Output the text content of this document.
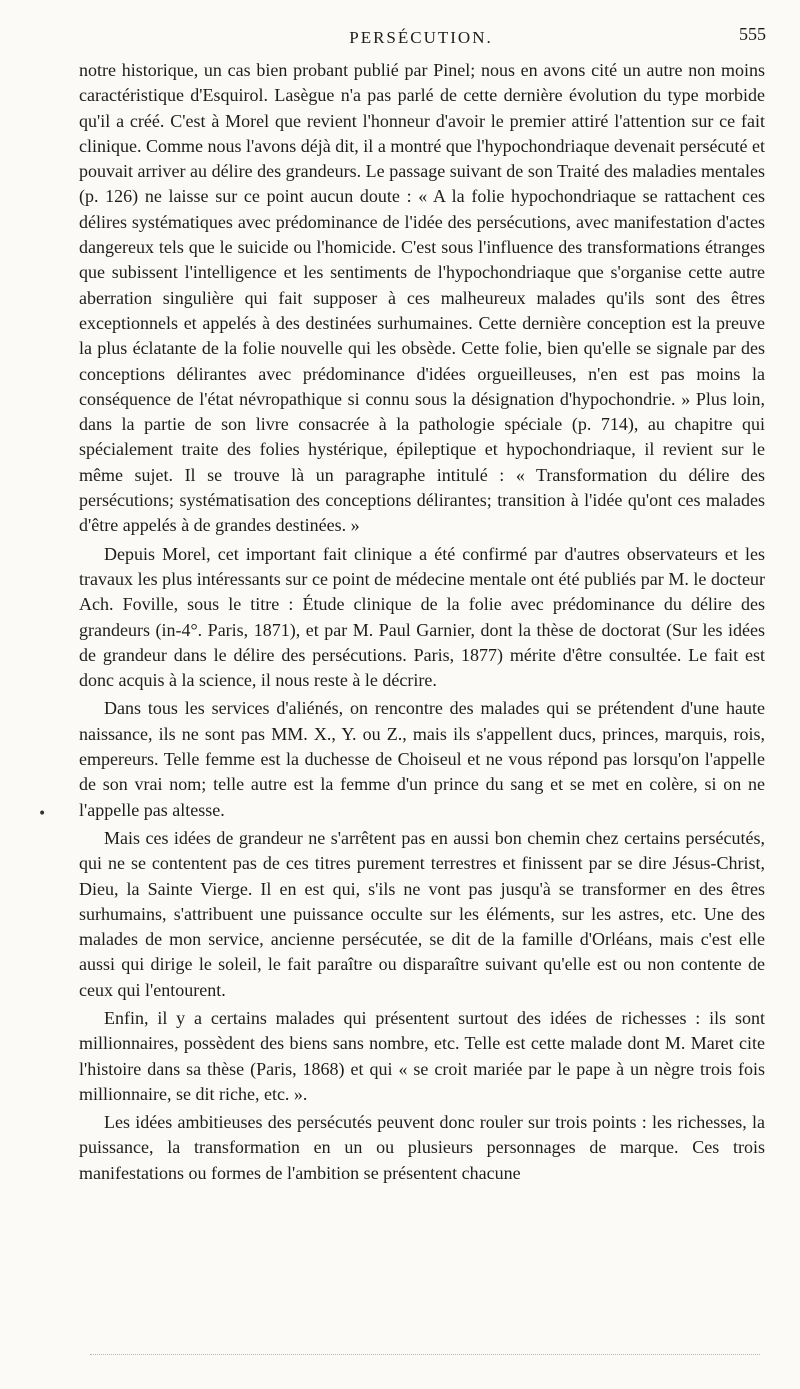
PERSÉCUTION.	555
•

notre historique, un cas bien probant publié par Pinel; nous en avons cité un autre non moins caractéristique d'Esquirol. Lasègue n'a pas parlé de cette dernière évolution du type morbide qu'il a créé. C'est à Morel que revient l'honneur d'avoir le premier attiré l'attention sur ce fait clinique. Comme nous l'avons déjà dit, il a montré que l'hypochondriaque devenait persécuté et pouvait arriver au délire des grandeurs. Le passage suivant de son Traité des maladies mentales (p. 126) ne laisse sur ce point aucun doute : « A la folie hypochondriaque se rattachent ces délires systématiques avec prédominance de l'idée des persécutions, avec manifestation d'actes dangereux tels que le suicide ou l'homicide. C'est sous l'influence des transformations étranges que subissent l'intelligence et les sentiments de l'hypochondriaque que s'organise cette autre aberration singulière qui fait supposer à ces malheureux malades qu'ils sont des êtres exceptionnels et appelés à des destinées surhumaines. Cette dernière conception est la preuve la plus éclatante de la folie nouvelle qui les obsède. Cette folie, bien qu'elle se signale par des conceptions délirantes avec prédominance d'idées orgueilleuses, n'en est pas moins la conséquence de l'état névropathique si connu sous la désignation d'hypochondrie. » Plus loin, dans la partie de son livre consacrée à la pathologie spéciale (p. 714), au chapitre qui spécialement traite des folies hystérique, épileptique et hypochondriaque, il revient sur le même sujet. Il se trouve là un paragraphe intitulé : « Transformation du délire des persécutions; systématisation des conceptions délirantes; transition à l'idée qu'ont ces malades d'être appelés à de grandes destinées. »

Depuis Morel, cet important fait clinique a été confirmé par d'autres observateurs et les travaux les plus intéressants sur ce point de médecine mentale ont été publiés par M. le docteur Ach. Foville, sous le titre : Étude clinique de la folie avec prédominance du délire des grandeurs (in-4°. Paris, 1871), et par M. Paul Garnier, dont la thèse de doctorat (Sur les idées de grandeur dans le délire des persécutions. Paris, 1877) mérite d'être consultée. Le fait est donc acquis à la science, il nous reste à le décrire.

Dans tous les services d'aliénés, on rencontre des malades qui se prétendent d'une haute naissance, ils ne sont pas MM. X., Y. ou Z., mais ils s'appellent ducs, princes, marquis, rois, empereurs. Telle femme est la duchesse de Choiseul et ne vous répond pas lorsqu'on l'appelle de son vrai nom; telle autre est la femme d'un prince du sang et se met en colère, si on ne l'appelle pas altesse.

Mais ces idées de grandeur ne s'arrêtent pas en aussi bon chemin chez certains persécutés, qui ne se contentent pas de ces titres purement terrestres et finissent par se dire Jésus-Christ, Dieu, la Sainte Vierge. Il en est qui, s'ils ne vont pas jusqu'à se transformer en des êtres surhumains, s'attribuent une puissance occulte sur les éléments, sur les astres, etc. Une des malades de mon service, ancienne persécutée, se dit de la famille d'Orléans, mais c'est elle aussi qui dirige le soleil, le fait paraître ou disparaître suivant qu'elle est ou non contente de ceux qui l'entourent.

Enfin, il y a certains malades qui présentent surtout des idées de richesses : ils sont millionnaires, possèdent des biens sans nombre, etc. Telle est cette malade dont M. Maret cite l'histoire dans sa thèse (Paris, 1868) et qui « se croit mariée par le pape à un nègre trois fois millionnaire, se dit riche, etc. ».

Les idées ambitieuses des persécutés peuvent donc rouler sur trois points : les richesses, la puissance, la transformation en un ou plusieurs personnages de marque. Ces trois manifestations ou formes de l'ambition se présentent chacune
